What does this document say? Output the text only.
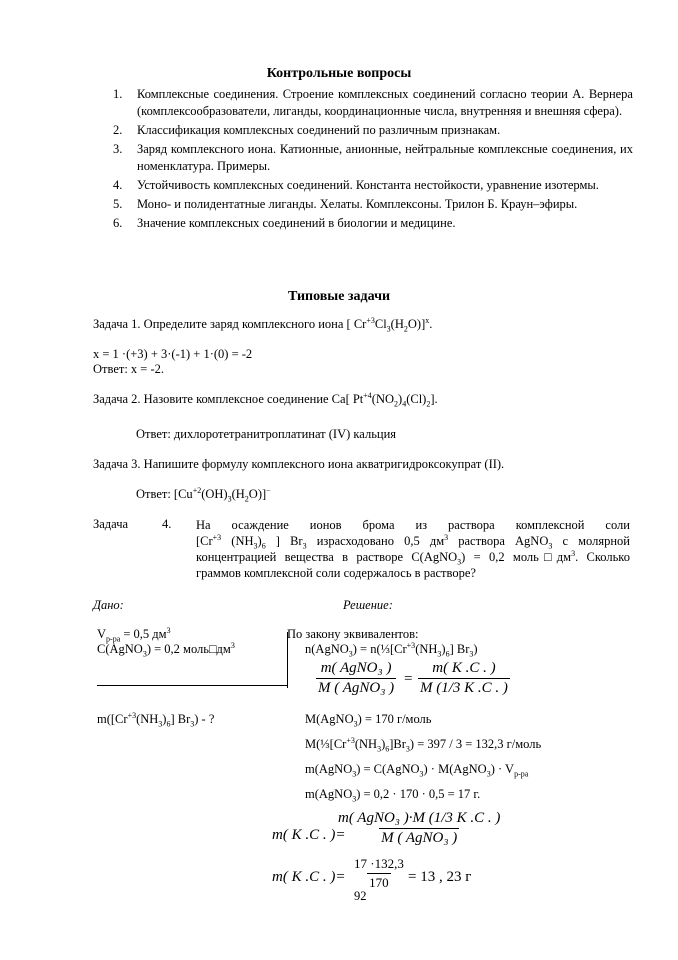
Контрольные вопросы
1.	Комплексные соединения. Строение комплексных соединений согласно теории А. Вернера (комплексообразователи, лиганды, координационные числа, внутренняя и внешняя сфера).
2.	Классификация комплексных соединений по различным признакам.
3.	Заряд комплексного иона. Катионные, анионные, нейтральные комплексные соединения, их номенклатура. Примеры.
4.	Устойчивость комплексных соединений. Константа нестойкости, уравнение изотермы.
5.	Моно- и полидентатные лиганды. Хелаты. Комплексоны. Трилон Б. Краун–эфиры.
6.	Значение комплексных соединений в биологии и медицине.
Типовые задачи
Задача 1. Определите заряд комплексного иона [ $Cr^{+3}Cl_3(H_2O)]^x$.
x = 1 ·(+3) + 3·(-1) + 1·(0) = -2
Ответ: x = -2.
Задача 2. Назовите комплексное соединение Ca[ $Pt^{+4}(NO_2)_4(Cl)_2$].
Ответ: дихлоротетранитроплатинат (IV) кальция
Задача 3. Напишите формулу комплексного иона акватригидроксокупрат (II).
Ответ: $[Cu^{+2}(OH)_3(H_2O)]^-$
Задача	4. На осаждение ионов брома из раствора комплексной соли
[$Cr^{+3}$ $(NH_3)_6$ ] $Br_3$ израсходовано 0,5 $дм^3$ раствора AgNO$_3$ с молярной
концентрацией вещества в растворе C(AgNO$_3$) = 0,2 $моль□дм^3$. Сколько
граммов комплексной соли содержалось в растворе?
Дано:	Решение:
$V_{р-ра} = 0,5$ $дм^3$
C(AgNO$_3$) = 0,2 $моль□дм^3$
$m([Cr^{+3}(NH_3)_6]$ $Br_3$) - ?
По закону эквивалентов:
n(AgNO$_3$) = $n(\frac{1}{3}[Cr^{+3}(NH_3)_6]$ $Br_3$)
m( AgNO₃ )
M ( AgNO₃ )
= $\frac{m( K .C . )}{M (1/3 K .C . )}$
M(AgNO$_3$) = 170 г/моль
$M(\frac{1}{3}[Cr^{+3}(NH_3)_6]Br_3) = 397 / 3 = 132,3$ г/моль
m(AgNO$_3$) = C(AgNO$_3$) · M(AgNO$_3$) · $V_{р-ра}$
m(AgNO$_3$) = 0,2 · 170 · 0,5 = 17 г.
m( K .C . )=
m( AgNO₃ )·M (1/3 K .C . )
M ( AgNO₃ )
m( K .C . )= $\frac{17 \cdot 132,3}{170} = 13$ , 23 г
92
